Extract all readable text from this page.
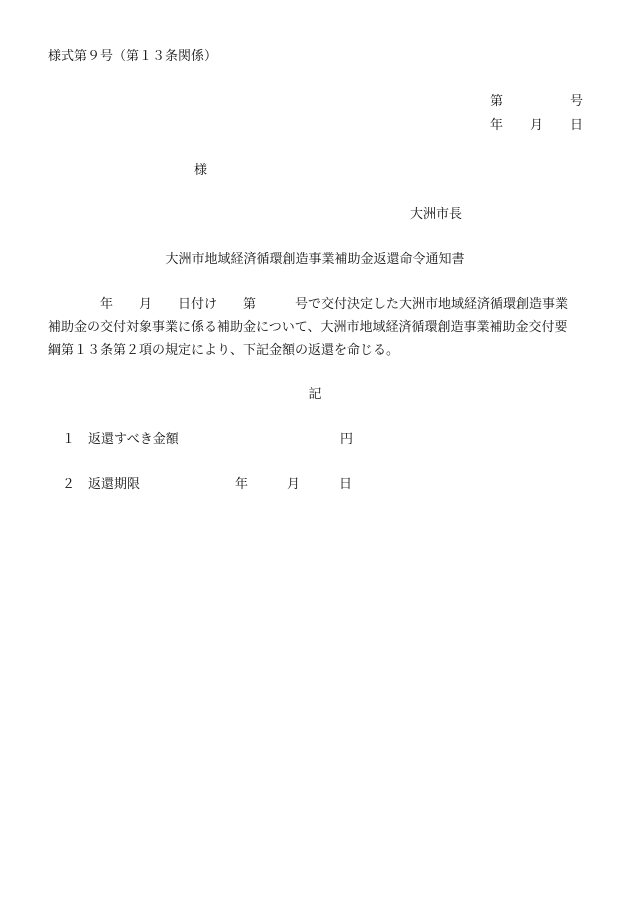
様式第９号（第１３条関係）
第	号
年 月 日
様
大洲市長
大洲市地域経済循環創造事業補助金返還命令通知書
　　　　年　　月　　日付け　　第　　　号で交付決定した大洲市地域経済循環創造事業
補助金の交付対象事業に係る補助金について、大洲市地域経済循環創造事業補助金交付要
綱第１３条第２項の規定により、下記金額の返還を命じる。
記
１　 返還すべき金額	円
２　 返還期限	年　　　月　　　日
